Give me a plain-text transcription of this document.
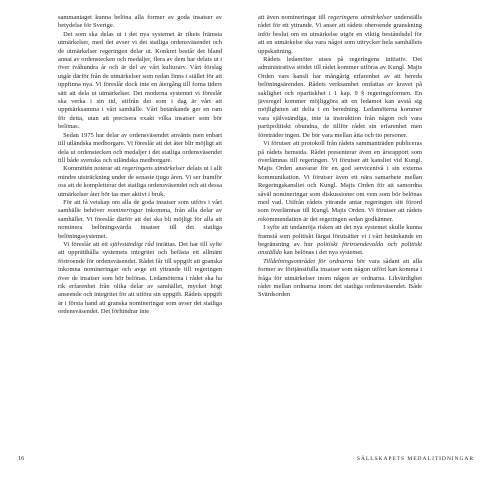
sammantaget kunna belöna alla former av goda insatser av betydelse för Sverige.

Det som ska delas ut i det nya systemet är rikets främsta utmärkelser, med det avser vi det statliga ordensväsendet och de utmärkelser regeringen delar ut. Konkret består det bland annat av ordenstecken och medaljer, flera av dem har delats ut i över tvåhundra år och är del av vårt kulturarv. Vårt förslag utgår därför från de utmärkelser som redan finns i stället för att uppfinna nya. Vi föreslår dock inte en återgång till forna tiders sätt att dela ut utmärkelser. Det moderna systemet vi föreslår ska verka i sin tid, utifrån det som i dag är vårt att uppmärksamma i vårt samhälle. Vårt betänkande ger en ram för detta, utan att precisera exakt vilka insatser som bör belönas.

Sedan 1975 har delar av ordensväsendet använts men enbart till utländska medborgare. Vi föreslår att det åter blir möjligt att dela ut ordenstecken och medaljer i det statliga ordensväsendet till både svenska och utländska medborgare.

Kommittén noterar att regeringens utmärkelser delats ut i allt mindre utsträckning under de senaste tjugo åren. Vi ser framför oss att de kompletterar det statliga ordensväsendet och att dessa utmärkelser åter bör tas mer aktivt i bruk.

För att få vetskap om alla de goda insatser som utförs i vårt samhälle behöver nomineringar inkomma, från alla delar av samhället. Vi föreslår därför att det ska bli möjligt för alla att nominera belöningsvärda insatser till det statliga belöningssystemet.

Vi föreslår att ett självständigt råd inrättas. Det har till syfte att upprätthålla systemets integritet och befästa ett allmänt förtroende för ordensväsendet. Rådet får till uppgift att granska inkomna nomineringar och avge ett yttrande till regeringen över de insatser som bör belönas. Ledamöterna i rådet ska ha rik erfarenhet från olika delar av samhället, mycket högt anseende och integritet för att utföra sin uppgift. Rådets uppgift är i första hand att granska nomineringar som avser det statliga ordensväsendet. Det förhindrar inte

att även nomineringar till regeringens utmärkelser underställs rådet för ett yttrande. Vi anser att rådets oberoende granskning inför beslut om en utmärkelse utgör en viktig beståndsdel för att en utmärkelse ska vara något som uttrycker hela samhällets uppskattning.

Rådets ledamöter utses på regeringens initiativ. Det administrativa stödet till rådet kommer utföras av Kungl. Majts Orden vars kansli har mångårig erfarenhet av att bereda belöningsärenden. Rådets verksamhet omfattas av kravet på saklighet och opartiskhet i 1 kap. 9 § regeringsformen. En jävsregel kommer möjliggöra att en ledamot kan avstå sig möjligheten att delta i en beredning. Ledamöterna kommer vara självständiga, inte ta instruktion från någon och vara partipolitiskt obundna, de tillför rådet sin erfarenhet men företräder ingen. De bör vara mellan åtta och tio personer.

Vi förutser att protokoll från rådets sammanträden publiceras på rådets hemsida. Rådet presenterar även en årsrapport som överlämnas till regeringen. Vi förutser att kansliet vid Kungl. Majts Orden ansvarar för en god servicenivå i sin externa kommunikation. Vi förutser även ett nära samarbete mellan Regeringskansliet och Kungl. Majts Orden för att samordna såväl nomineringar som diskussioner om vem som bör belönas med vad. Utifrån rådets yttrande antar regeringen sitt förord som överlämnas till Kungl. Majts Orden. Vi förutser att rådets rekommendation är det regeringen sedan godkänner.

I syfte att undanröja risken att det nya systemet skulle kunna framstå som politiskt färgat förutsätter vi i vårt betänkande en begränsning av hur politiskt förtroendevalda och politiskt anställda kan belönas i det nya systemet.

Tilldelningsområdet för ordnarna bör vara sådant att alla former av förtjänstfulla insatser som någon utfört kan komma i fråga för utmärkelser inom någon av ordnarna. Likvärdighet råder mellan ordnarna inom det statliga ordensväsendet. Både Svärdsorden

16	SÄLLSKAPETS MEDALJTIDNINGAR
